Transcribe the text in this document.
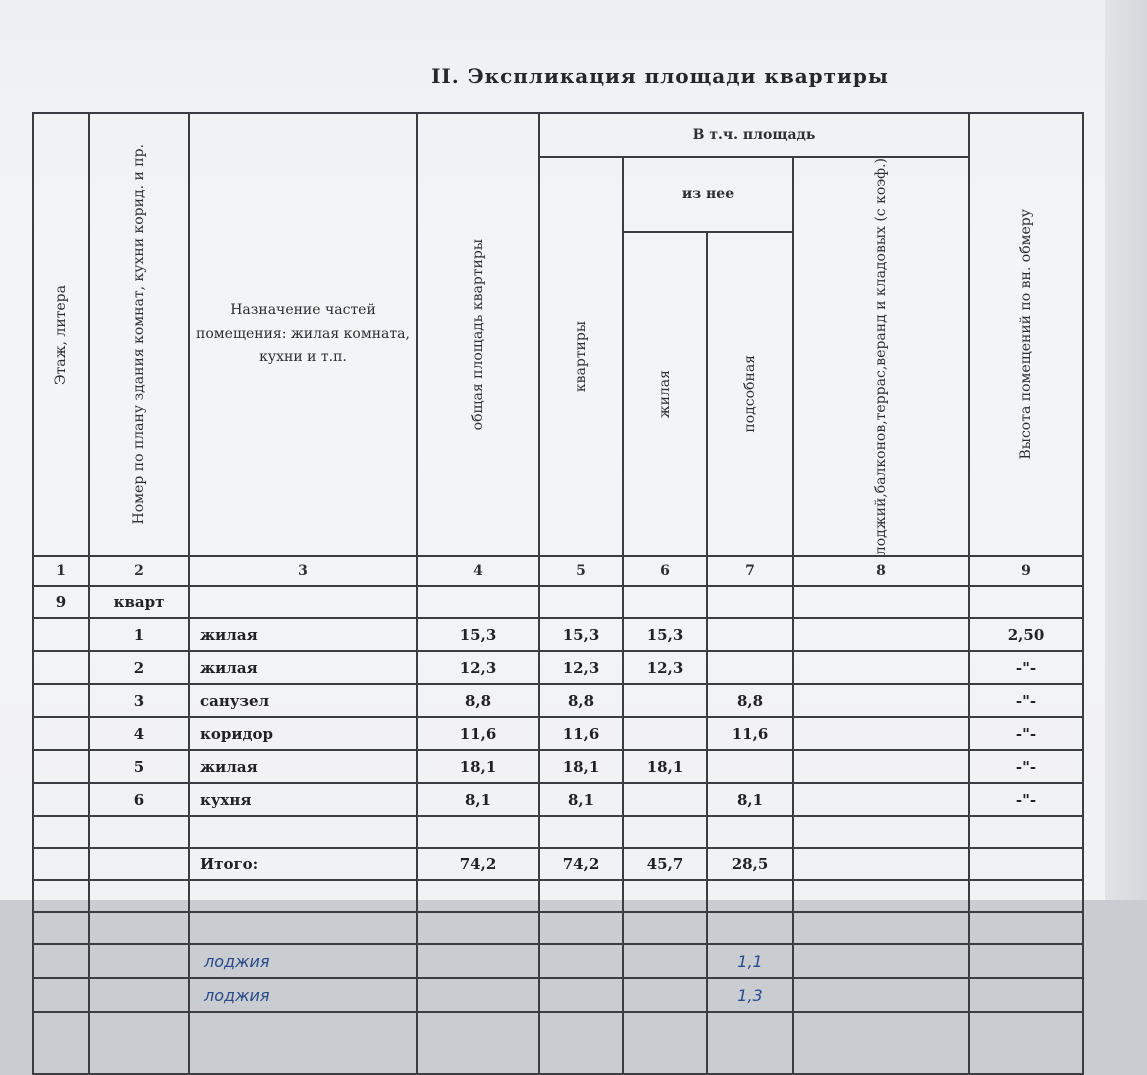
II. Экспликация площади квартиры
Этаж, литера	Номер по плану здания комнат, кухни корид. и пр.	Назначение частей помещения: жилая комната, кухни и т.п.	общая площадь квартиры	В т.ч. площадь				Высота помещений по вн. обмеру

				квартиры	из нее		лоджий,балконов,террас,веранд и кладовых (с коэф.)	

					жилая	подсобная		

1	2	3	4	5	6	7	8	9
9	кварт							
	1	жилая	15,3	15,3	15,3			2,50
	2	жилая	12,3	12,3	12,3			-"-
	3	санузел	8,8	8,8		8,8		-"-
	4	коридор	11,6	11,6		11,6		-"-
	5	жилая	18,1	18,1	18,1			-"-
	6	кухня	8,1	8,1		8,1		-"-

		Итого:	74,2	74,2	45,7	28,5		

		лоджия				1,1		
		лоджия				1,3		
